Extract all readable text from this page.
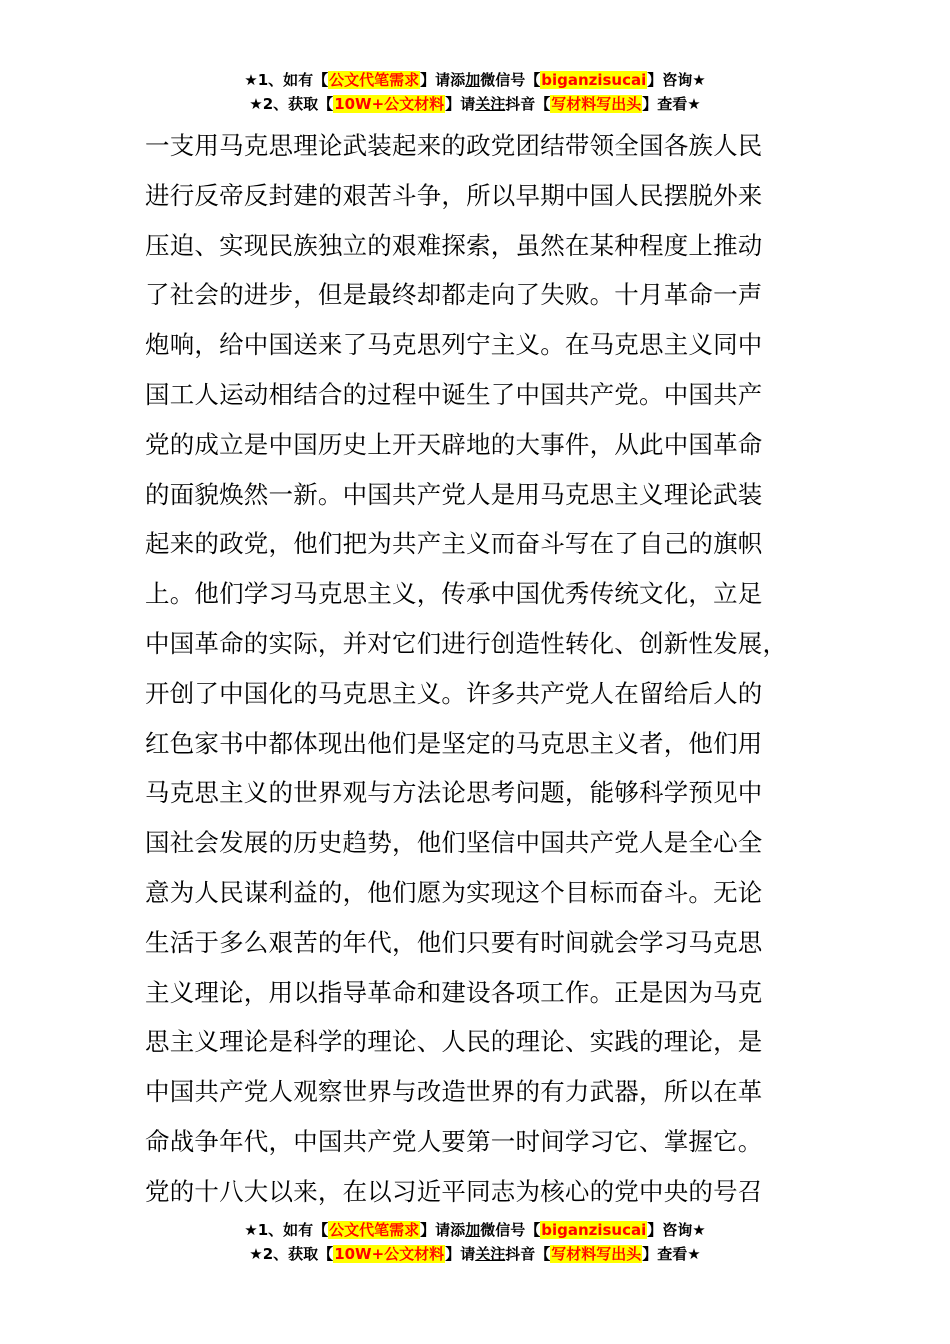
★1、如有【公文代笔需求】请添加微信号【biganzisucai】咨询★
★2、获取【10W+公文材料】请关注抖音【写材料写出头】查看★
一支用马克思理论武装起来的政党团结带领全国各族人民
进行反帝反封建的艰苦斗争，所以早期中国人民摆脱外来
压迫、实现民族独立的艰难探索，虽然在某种程度上推动
了社会的进步，但是最终却都走向了失败。十月革命一声
炮响，给中国送来了马克思列宁主义。在马克思主义同中
国工人运动相结合的过程中诞生了中国共产党。中国共产
党的成立是中国历史上开天辟地的大事件，从此中国革命
的面貌焕然一新。中国共产党人是用马克思主义理论武装
起来的政党，他们把为共产主义而奋斗写在了自己的旗帜
上。他们学习马克思主义，传承中国优秀传统文化，立足
中国革命的实际，并对它们进行创造性转化、创新性发展，
开创了中国化的马克思主义。许多共产党人在留给后人的
红色家书中都体现出他们是坚定的马克思主义者，他们用
马克思主义的世界观与方法论思考问题，能够科学预见中
国社会发展的历史趋势，他们坚信中国共产党人是全心全
意为人民谋利益的，他们愿为实现这个目标而奋斗。无论
生活于多么艰苦的年代，他们只要有时间就会学习马克思
主义理论，用以指导革命和建设各项工作。正是因为马克
思主义理论是科学的理论、人民的理论、实践的理论，是
中国共产党人观察世界与改造世界的有力武器，所以在革
命战争年代，中国共产党人要第一时间学习它、掌握它。
党的十八大以来，在以习近平同志为核心的党中央的号召
★1、如有【公文代笔需求】请添加微信号【biganzisucai】咨询★
★2、获取【10W+公文材料】请关注抖音【写材料写出头】查看★
